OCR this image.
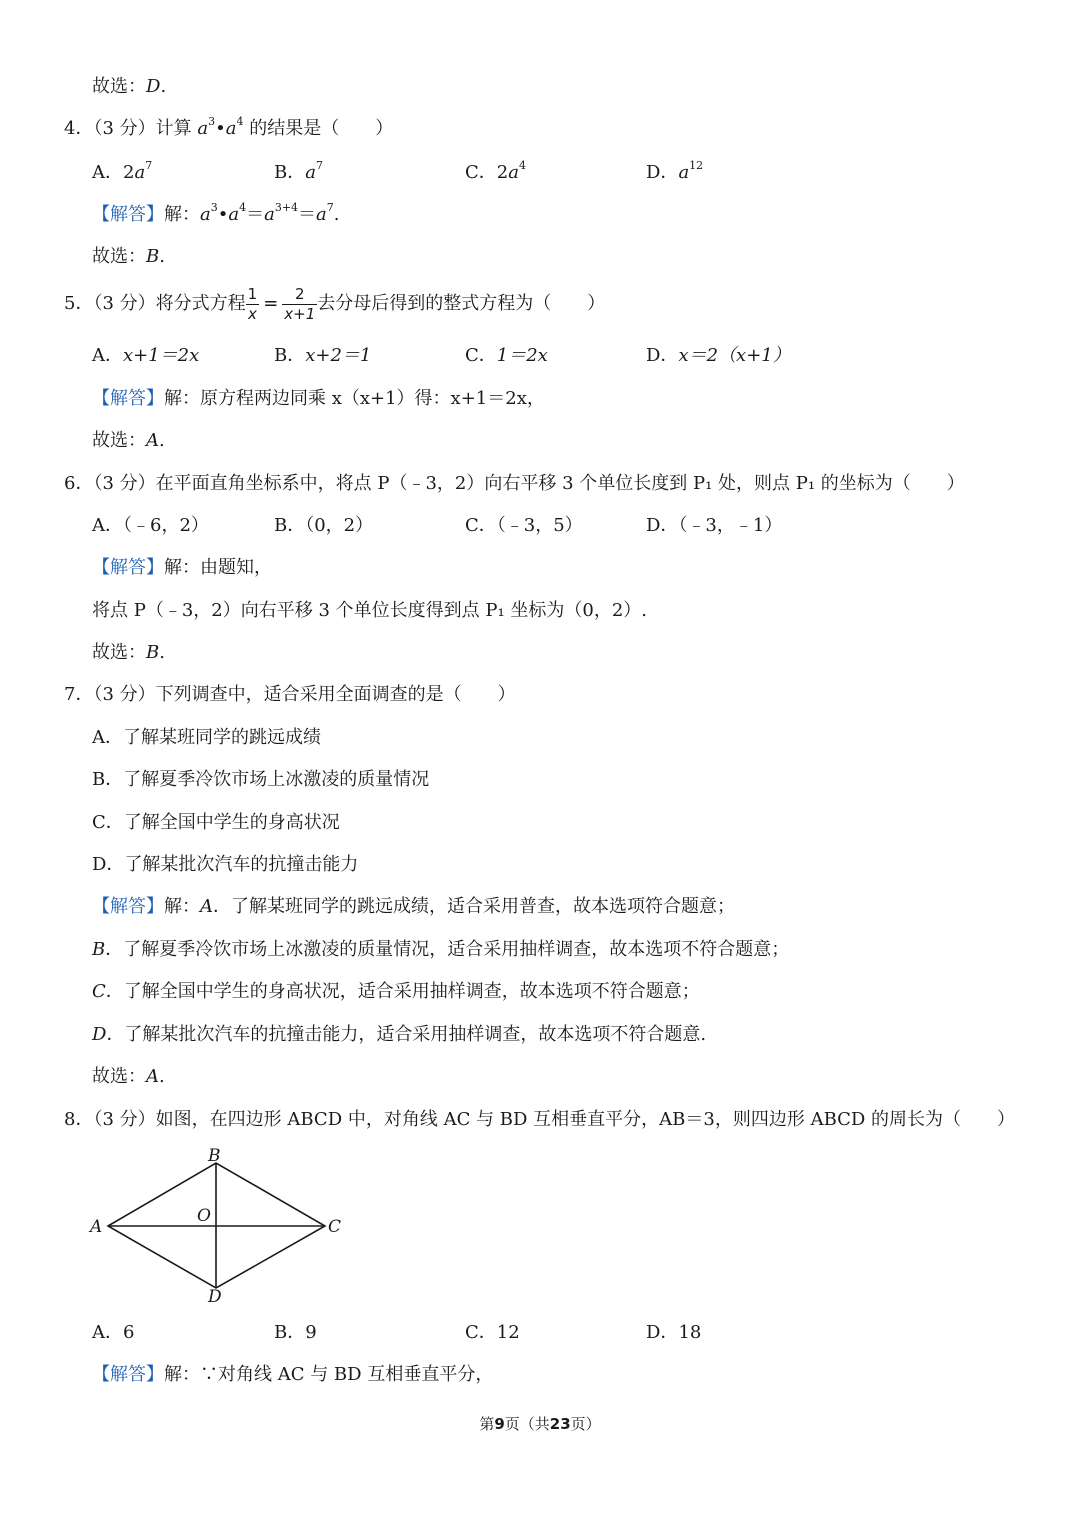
故选：D.
4．（3 分）计算 $a^3•a^4$ 的结果是（　　）
A．$2a^7$	B．$a^7$	C．$2a^4$	D．$a^{12}$
【解答】解：$a^3•a^4=a^{3+4}=a^7$.
故选：B.
5．（3 分）将分式方程 $\frac{1}{x} = \frac{2}{x+1}$ 去分母后得到的整式方程为（　　）
A．x+1＝2x	B．x+2＝1	C．1＝2x	D．x＝2（x+1）
【解答】解：原方程两边同乘 x（x+1）得：x+1＝2x，
故选：A.
6．（3 分）在平面直角坐标系中，将点 P（﹣3，2）向右平移 3 个单位长度到 P₁ 处，则点 P₁ 的坐标为（　　）
A．（﹣6，2）	B．（0，2）	C．（﹣3，5）	D．（﹣3，﹣1）
【解答】解：由题知，
将点 P（﹣3，2）向右平移 3 个单位长度得到点 P₁ 坐标为（0，2）.
故选：B.
7．（3 分）下列调查中，适合采用全面调查的是（　　）
A．了解某班同学的跳远成绩
B．了解夏季冷饮市场上冰激凌的质量情况
C．了解全国中学生的身高状况
D．了解某批次汽车的抗撞击能力
【解答】解：A．了解某班同学的跳远成绩，适合采用普查，故本选项符合题意；
B．了解夏季冷饮市场上冰激凌的质量情况，适合采用抽样调查，故本选项不符合题意；
C．了解全国中学生的身高状况，适合采用抽样调查，故本选项不符合题意；
D．了解某批次汽车的抗撞击能力，适合采用抽样调查，故本选项不符合题意.
故选：A.
8．（3 分）如图，在四边形 ABCD 中，对角线 AC 与 BD 互相垂直平分，AB＝3，则四边形 ABCD 的周长为（　　）
B
A	C
D
O
A．6	B．9	C．12	D．18
【解答】解：∵对角线 AC 与 BD 互相垂直平分，
第9页（共23页）
